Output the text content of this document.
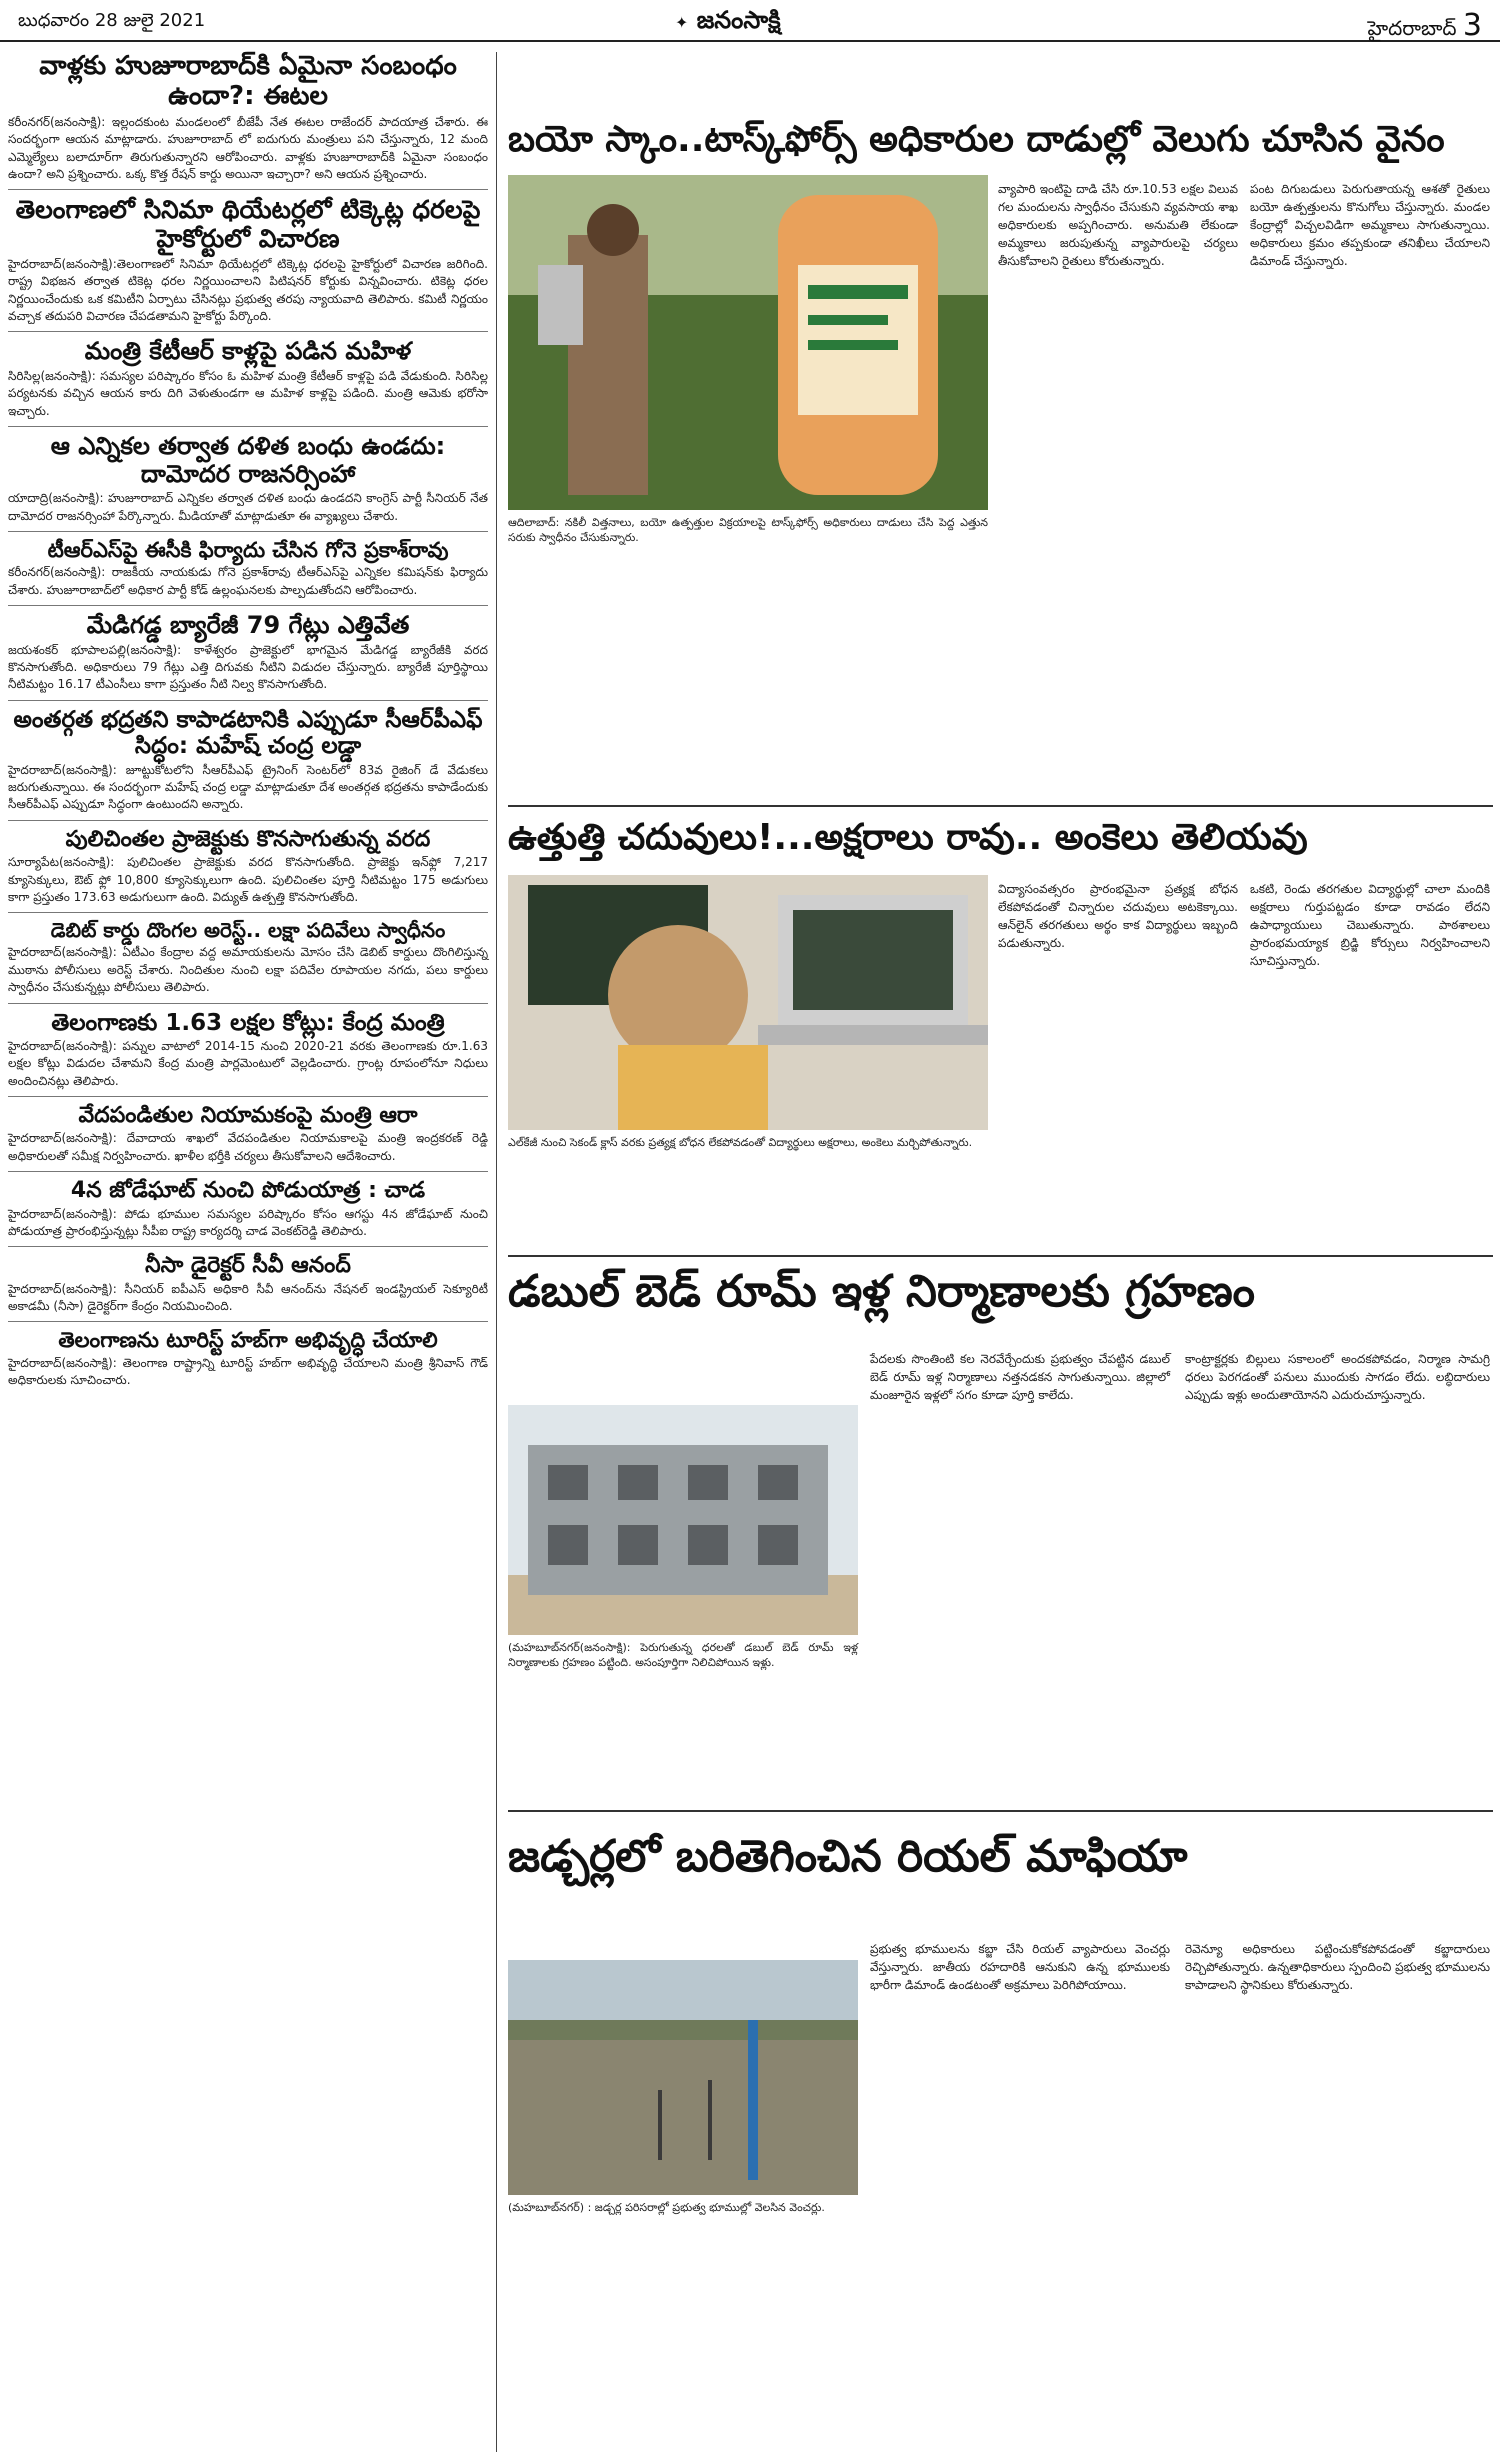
బుధవారం 28 జులై 2021	✦ జనంసాక్షి	హైదరాబాద్ 3

వాళ్లకు హుజూరాబాద్‌కి ఏమైనా సంబంధం ఉందా?: ఈటల

కరీంనగర్‌(జనంసాక్షి): ఇల్లందకుంట మండలంలో బీజేపీ నేత ఈటల రాజేందర్‌ పాదయాత్ర చేశారు. ఈ సందర్భంగా ఆయన మాట్లాడారు. హుజూరాబాద్‌ లో ఐదుగురు మంత్రులు పని చేస్తున్నారు, 12 మంది ఎమ్మెల్యేలు బలాదూర్‌గా తిరుగుతున్నారని ఆరోపించారు. వాళ్లకు హుజూరాబాద్‌కి ఏమైనా సంబంధం ఉందా? అని ప్రశ్నించారు. ఒక్క కొత్త రేషన్‌ కార్డు అయినా ఇచ్చారా? అని ఆయన ప్రశ్నించారు.

తెలంగాణలో సినిమా థియేటర్లలో టిక్కెట్ల ధరలపై హైకోర్టులో విచారణ

హైదరాబాద్‌(జనంసాక్షి):తెలంగాణలో సినిమా థియేటర్లలో టిక్కెట్ల ధరలపై హైకోర్టులో విచారణ జరిగింది. రాష్ట్ర విభజన తర్వాత టికెట్ల ధరల నిర్ణయించాలని పిటిషనర్‌ కోర్టుకు విన్నవించారు. టికెట్ల ధరల నిర్ణయించేందుకు ఒక కమిటీని ఏర్పాటు చేసినట్లు ప్రభుత్వ తరపు న్యాయవాది తెలిపారు. కమిటీ నిర్ణయం వచ్చాక తదుపరి విచారణ చేపడతామని హైకోర్టు పేర్కొంది.

మంత్రి కేటీఆర్‌ కాళ్లపై పడిన మహిళ

సిరిసిల్ల(జనంసాక్షి): సమస్యల పరిష్కారం కోసం ఓ మహిళ మంత్రి కేటీఆర్‌ కాళ్లపై పడి వేడుకుంది. సిరిసిల్ల పర్యటనకు వచ్చిన ఆయన కారు దిగి వెళుతుండగా ఆ మహిళ కాళ్లపై పడింది. మంత్రి ఆమెకు భరోసా ఇచ్చారు.

ఆ ఎన్నికల తర్వాత దళిత బంధు ఉండదు: దామోదర రాజనర్సింహా

యాదాద్రి(జనంసాక్షి): హుజూరాబాద్‌ ఎన్నికల తర్వాత దళిత బంధు ఉండదని కాంగ్రెస్‌ పార్టీ సీనియర్‌ నేత దామోదర రాజనర్సింహా పేర్కొన్నారు. మీడియాతో మాట్లాడుతూ ఈ వ్యాఖ్యలు చేశారు.

టీఆర్‌ఎస్‌పై ఈసీకి ఫిర్యాదు చేసిన గోనె ప్రకాశ్‌రావు

కరీంనగర్‌(జనంసాక్షి): రాజకీయ నాయకుడు గోనె ప్రకాశ్‌రావు టీఆర్‌ఎస్‌పై ఎన్నికల కమిషన్‌కు ఫిర్యాదు చేశారు. హుజూరాబాద్‌లో అధికార పార్టీ కోడ్‌ ఉల్లంఘనలకు పాల్పడుతోందని ఆరోపించారు.

మేడిగడ్డ బ్యారేజీ 79 గేట్లు ఎత్తివేత

జయశంకర్‌ భూపాలపల్లి(జనంసాక్షి): కాళేశ్వరం ప్రాజెక్టులో భాగమైన మేడిగడ్డ బ్యారేజీకి వరద కొనసాగుతోంది. అధికారులు 79 గేట్లు ఎత్తి దిగువకు నీటిని విడుదల చేస్తున్నారు. బ్యారేజీ పూర్తిస్థాయి నీటిమట్టం 16.17 టీఎంసీలు కాగా ప్రస్తుతం నీటి నిల్వ కొనసాగుతోంది.

అంతర్గత భద్రతని కాపాడటానికి ఎప్పుడూ సీఆర్‌పీఎఫ్‌ సిద్ధం: మహేష్‌ చంద్ర లడ్డా

హైదరాబాద్‌(జనంసాక్షి): జూట్టుకోటలోని సీఆర్‌పీఎఫ్‌ ట్రైనింగ్‌ సెంటర్‌లో 83వ రైజింగ్‌ డే వేడుకలు జరుగుతున్నాయి. ఈ సందర్భంగా మహేష్‌ చంద్ర లడ్డా మాట్లాడుతూ దేశ అంతర్గత భద్రతను కాపాడేందుకు సీఆర్‌పీఎఫ్‌ ఎప్పుడూ సిద్ధంగా ఉంటుందని అన్నారు.

పులిచింతల ప్రాజెక్టుకు కొనసాగుతున్న వరద

సూర్యాపేట(జనంసాక్షి): పులిచింతల ప్రాజెక్టుకు వరద కొనసాగుతోంది. ప్రాజెక్టు ఇన్‌ఫ్లో 7,217 క్యూసెక్కులు, ఔట్‌ ఫ్లో 10,800 క్యూసెక్కులుగా ఉంది. పులిచింతల పూర్తి నీటిమట్టం 175 అడుగులు కాగా ప్రస్తుతం 173.63 అడుగులుగా ఉంది. విద్యుత్‌ ఉత్పత్తి కొనసాగుతోంది.

డెబిట్‌ కార్డు దొంగల అరెస్ట్‌.. లక్షా పదివేలు స్వాధీనం

హైదరాబాద్‌(జనంసాక్షి): ఏటీఎం కేంద్రాల వద్ద అమాయకులను మోసం చేసి డెబిట్‌ కార్డులు దొంగిలిస్తున్న ముఠాను పోలీసులు అరెస్ట్‌ చేశారు. నిందితుల నుంచి లక్షా పదివేల రూపాయల నగదు, పలు కార్డులు స్వాధీనం చేసుకున్నట్లు పోలీసులు తెలిపారు.

తెలంగాణకు 1.63 లక్షల కోట్లు: కేంద్ర మంత్రి

హైదరాబాద్‌(జనంసాక్షి): పన్నుల వాటాలో 2014-15 నుంచి 2020-21 వరకు తెలంగాణకు రూ.1.63 లక్షల కోట్లు విడుదల చేశామని కేంద్ర మంత్రి పార్లమెంటులో వెల్లడించారు. గ్రాంట్ల రూపంలోనూ నిధులు అందించినట్లు తెలిపారు.

వేదపండితుల నియామకంపై మంత్రి ఆరా

హైదరాబాద్‌(జనంసాక్షి): దేవాదాయ శాఖలో వేదపండితుల నియామకాలపై మంత్రి ఇంద్రకరణ్‌ రెడ్డి అధికారులతో సమీక్ష నిర్వహించారు. ఖాళీల భర్తీకి చర్యలు తీసుకోవాలని ఆదేశించారు.

4న జోడేఘాట్‌ నుంచి పోడుయాత్ర : చాడ

హైదరాబాద్‌(జనంసాక్షి): పోడు భూముల సమస్యల పరిష్కారం కోసం ఆగస్టు 4న జోడేఘాట్‌ నుంచి పోడుయాత్ర ప్రారంభిస్తున్నట్లు సీపీఐ రాష్ట్ర కార్యదర్శి చాడ వెంకట్‌రెడ్డి తెలిపారు.

నీసా డైరెక్టర్‌ సీవీ ఆనంద్‌

హైదరాబాద్‌(జనంసాక్షి): సీనియర్‌ ఐపీఎస్‌ అధికారి సీవీ ఆనంద్‌ను నేషనల్‌ ఇండస్ట్రియల్‌ సెక్యూరిటీ అకాడమీ (నీసా) డైరెక్టర్‌గా కేంద్రం నియమించింది.

తెలంగాణను టూరిస్ట్‌ హబ్‌గా అభివృద్ధి చేయాలి

హైదరాబాద్‌(జనంసాక్షి): తెలంగాణ రాష్ట్రాన్ని టూరిస్ట్‌ హబ్‌గా అభివృద్ధి చేయాలని మంత్రి శ్రీనివాస్‌ గౌడ్‌ అధికారులకు సూచించారు.

బయో స్కాం..టాస్క్‌ఫోర్స్‌ అధికారుల దాడుల్లో వెలుగు చూసిన వైనం
ఆదిలాబాద్‌: నకిలీ విత్తనాలు, బయో ఉత్పత్తుల విక్రయాలపై టాస్క్‌ఫోర్స్‌ అధికారులు దాడులు చేసి పెద్ద ఎత్తున సరుకు స్వాధీనం చేసుకున్నారు.
వ్యాపారి ఇంటిపై దాడి చేసి రూ.10.53 లక్షల విలువ గల మందులను స్వాధీనం చేసుకుని వ్యవసాయ శాఖ అధికారులకు అప్పగించారు. అనుమతి లేకుండా అమ్మకాలు జరుపుతున్న వ్యాపారులపై చర్యలు తీసుకోవాలని రైతులు కోరుతున్నారు.
పంట దిగుబడులు పెరుగుతాయన్న ఆశతో రైతులు బయో ఉత్పత్తులను కొనుగోలు చేస్తున్నారు. మండల కేంద్రాల్లో విచ్చలవిడిగా అమ్మకాలు సాగుతున్నాయి. అధికారులు క్రమం తప్పకుండా తనిఖీలు చేయాలని డిమాండ్‌ చేస్తున్నారు.
ఉత్తుత్తి చదువులు!...అక్షరాలు రావు.. అంకెలు తెలియవు
ఎల్‌కేజీ నుంచి సెకండ్‌ క్లాస్‌ వరకు ప్రత్యక్ష బోధన లేకపోవడంతో విద్యార్థులు అక్షరాలు, అంకెలు మర్చిపోతున్నారు.
విద్యాసంవత్సరం ప్రారంభమైనా ప్రత్యక్ష బోధన లేకపోవడంతో చిన్నారుల చదువులు అటకెక్కాయి. ఆన్‌లైన్‌ తరగతులు అర్థం కాక విద్యార్థులు ఇబ్బంది పడుతున్నారు.
ఒకటి, రెండు తరగతుల విద్యార్థుల్లో చాలా మందికి అక్షరాలు గుర్తుపట్టడం కూడా రావడం లేదని ఉపాధ్యాయులు చెబుతున్నారు. పాఠశాలలు ప్రారంభమయ్యాక బ్రిడ్జి కోర్సులు నిర్వహించాలని సూచిస్తున్నారు.
డబుల్‌ బెడ్‌ రూమ్‌ ఇళ్ల నిర్మాణాలకు గ్రహణం
(మహబూబ్‌నగర్‌(జనంసాక్షి): పెరుగుతున్న ధరలతో డబుల్‌ బెడ్‌ రూమ్‌ ఇళ్ల నిర్మాణాలకు గ్రహణం పట్టింది. అసంపూర్తిగా నిలిచిపోయిన ఇళ్లు.
పేదలకు సొంతింటి కల నెరవేర్చేందుకు ప్రభుత్వం చేపట్టిన డబుల్‌ బెడ్‌ రూమ్‌ ఇళ్ల నిర్మాణాలు నత్తనడకన సాగుతున్నాయి. జిల్లాలో మంజూరైన ఇళ్లలో సగం కూడా పూర్తి కాలేదు.
కాంట్రాక్టర్లకు బిల్లులు సకాలంలో అందకపోవడం, నిర్మాణ సామగ్రి ధరలు పెరగడంతో పనులు ముందుకు సాగడం లేదు. లబ్ధిదారులు ఎప్పుడు ఇళ్లు అందుతాయోనని ఎదురుచూస్తున్నారు.
జడ్చర్లలో బరితెగించిన రియల్‌ మాఫియా
(మహబూబ్‌నగర్‌) : జడ్చర్ల పరిసరాల్లో ప్రభుత్వ భూముల్లో వెలసిన వెంచర్లు.
ప్రభుత్వ భూములను కబ్జా చేసి రియల్‌ వ్యాపారులు వెంచర్లు వేస్తున్నారు. జాతీయ రహదారికి ఆనుకుని ఉన్న భూములకు భారీగా డిమాండ్‌ ఉండటంతో అక్రమాలు పెరిగిపోయాయి.
రెవెన్యూ అధికారులు పట్టించుకోకపోవడంతో కబ్జాదారులు రెచ్చిపోతున్నారు. ఉన్నతాధికారులు స్పందించి ప్రభుత్వ భూములను కాపాడాలని స్థానికులు కోరుతున్నారు.
